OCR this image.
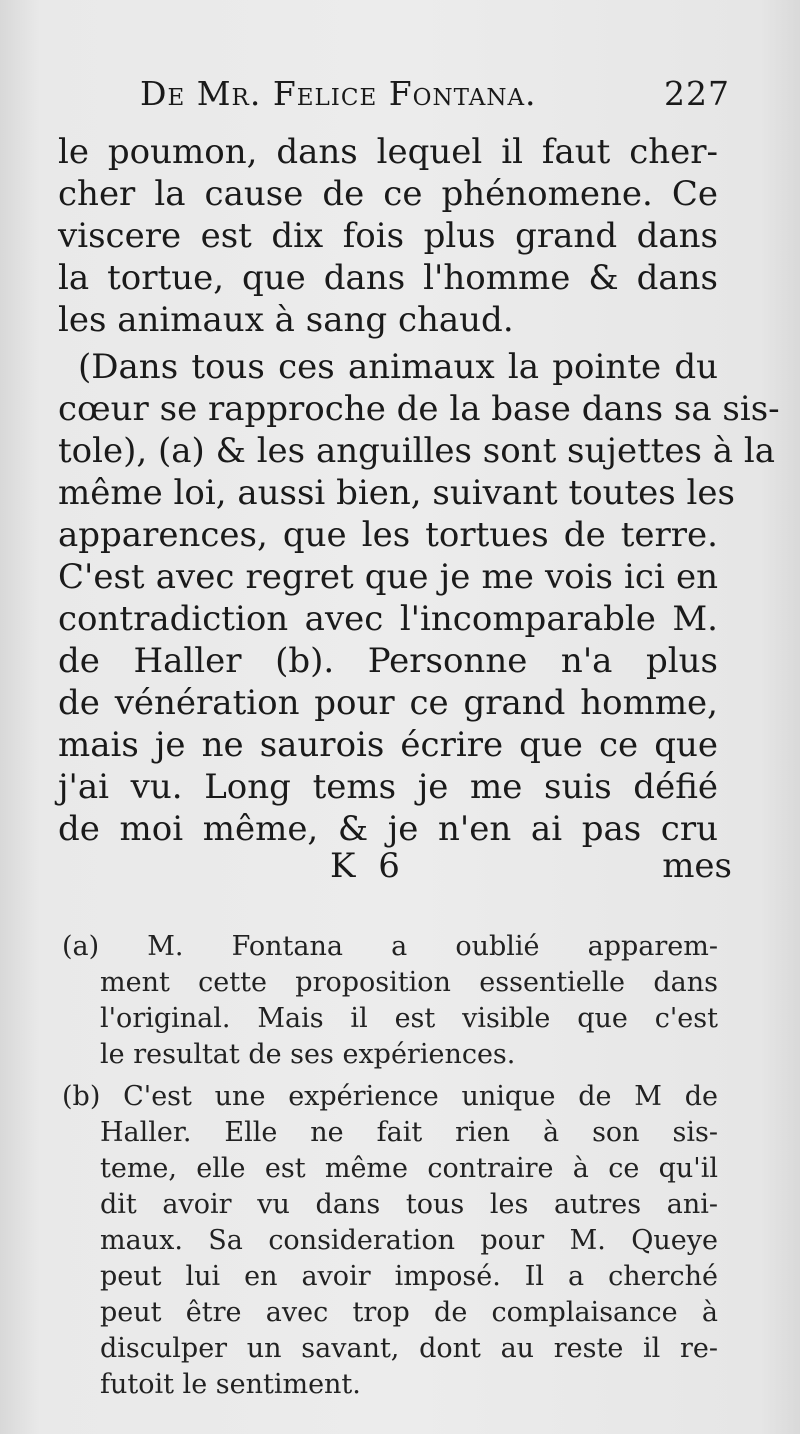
De Mr. Felice Fontana.	227
le poumon, dans lequel il faut cher-
cher la cause de ce phénomene. Ce
viscere est dix fois plus grand dans
la tortue, que dans l'homme & dans
les animaux à sang chaud.
(Dans tous ces animaux la pointe du
cœur se rapproche de la base dans sa sis-
tole), (a) & les anguilles sont sujettes à la
même loi, aussi bien, suivant toutes les
apparences, que les tortues de terre.
C'est avec regret que je me vois ici en
contradiction avec l'incomparable M.
de Haller (b). Personne n'a plus
de vénération pour ce grand homme,
mais je ne saurois écrire que ce que
j'ai vu. Long tems je me suis défié
de moi même, & je n'en ai pas cru
K 6	mes
(a) M. Fontana a oublié apparem-
ment cette proposition essentielle dans
l'original. Mais il est visible que c'est
le resultat de ses expériences.
(b) C'est une expérience unique de M de
Haller. Elle ne fait rien à son sis-
teme, elle est même contraire à ce qu'il
dit avoir vu dans tous les autres ani-
maux. Sa consideration pour M. Queye
peut lui en avoir imposé. Il a cherché
peut être avec trop de complaisance à
disculper un savant, dont au reste il re-
futoit le sentiment.
